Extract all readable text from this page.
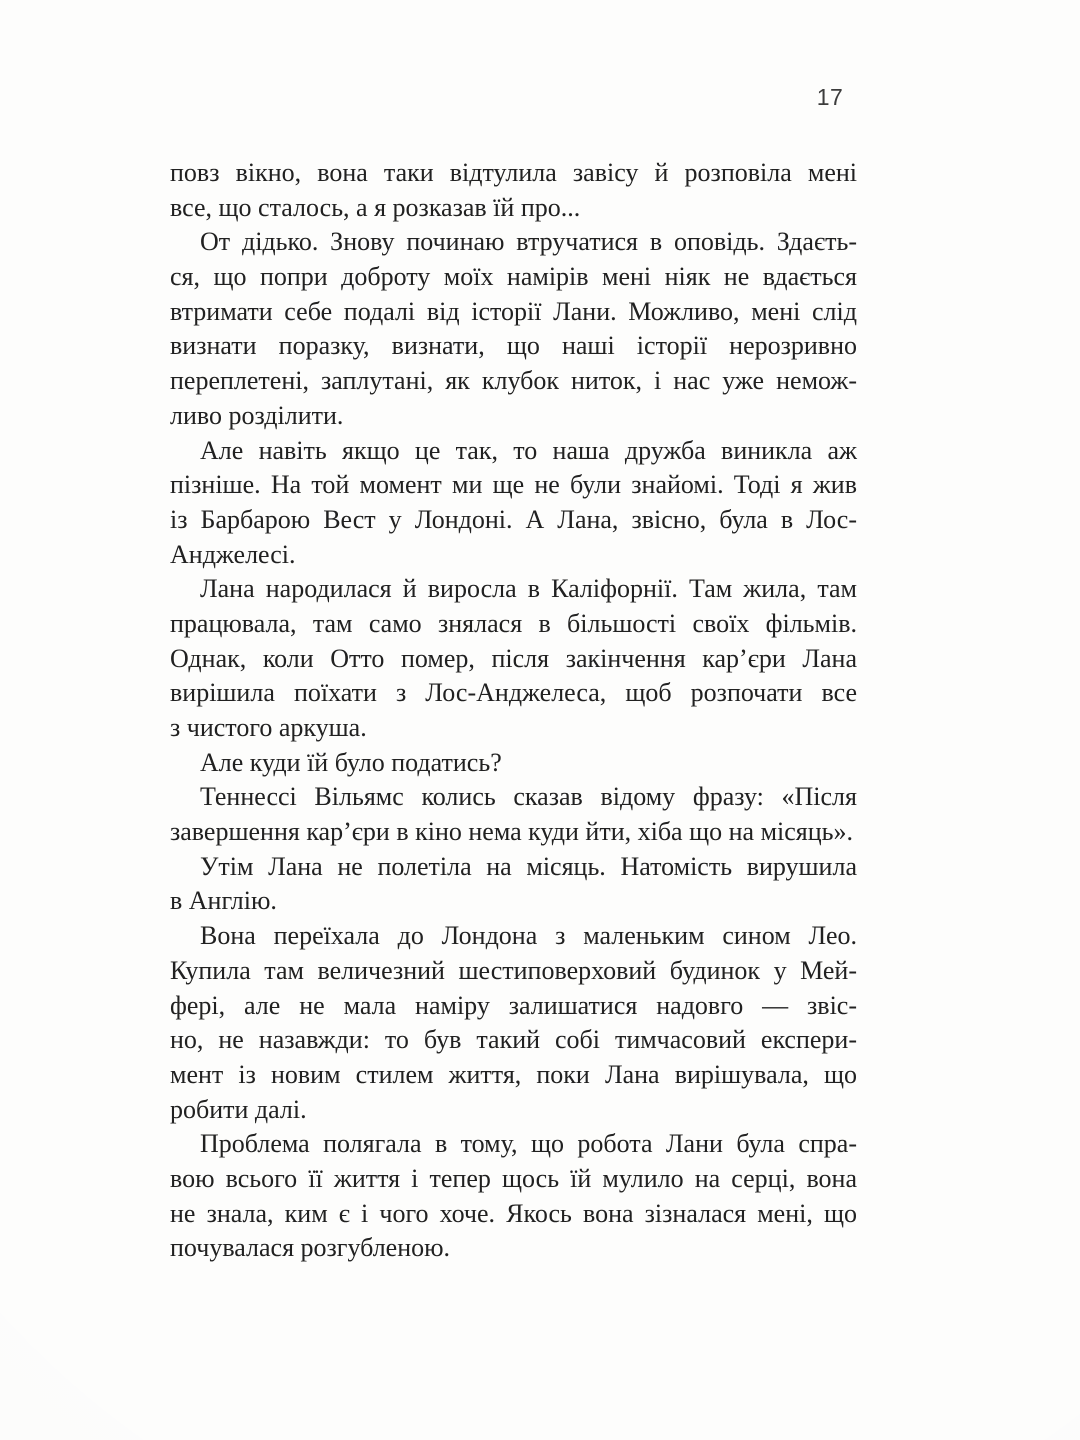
17
повз вікно, вона таки відтулила завісу й розповіла мені
все, що сталось, а я розказав їй про...
От дідько. Знову починаю втручатися в оповідь. Здаєть-
ся, що попри доброту моїх намірів мені ніяк не вдається
втримати себе подалі від історії Лани. Можливо, мені слід
визнати поразку, визнати, що наші історії нерозривно
переплетені, заплутані, як клубок ниток, і нас уже немож-
ливо розділити.
Але навіть якщо це так, то наша дружба виникла аж
пізніше. На той момент ми ще не були знайомі. Тоді я жив
із Барбарою Вест у Лондоні. А Лана, звісно, була в Лос-
Анджелесі.
Лана народилася й виросла в Каліфорнії. Там жила, там
працювала, там само знялася в більшості своїх фільмів.
Однак, коли Отто помер, після закінчення кар’єри Лана
вирішила поїхати з Лос-Анджелеса, щоб розпочати все
з чистого аркуша.
Але куди їй було податись?
Теннессі Вільямс колись сказав відому фразу: «Після
завершення кар’єри в кіно нема куди йти, хіба що на місяць».
Утім Лана не полетіла на місяць. Натомість вирушила
в Англію.
Вона переїхала до Лондона з маленьким сином Лео.
Купила там величезний шестиповерховий будинок у Мей-
фері, але не мала наміру залишатися надовго — звіс-
но, не назавжди: то був такий собі тимчасовий експери-
мент із новим стилем життя, поки Лана вирішувала, що
робити далі.
Проблема полягала в тому, що робота Лани була спра-
вою всього її життя і тепер щось їй мулило на серці, вона
не знала, ким є і чого хоче. Якось вона зізналася мені, що
почувалася розгубленою.
